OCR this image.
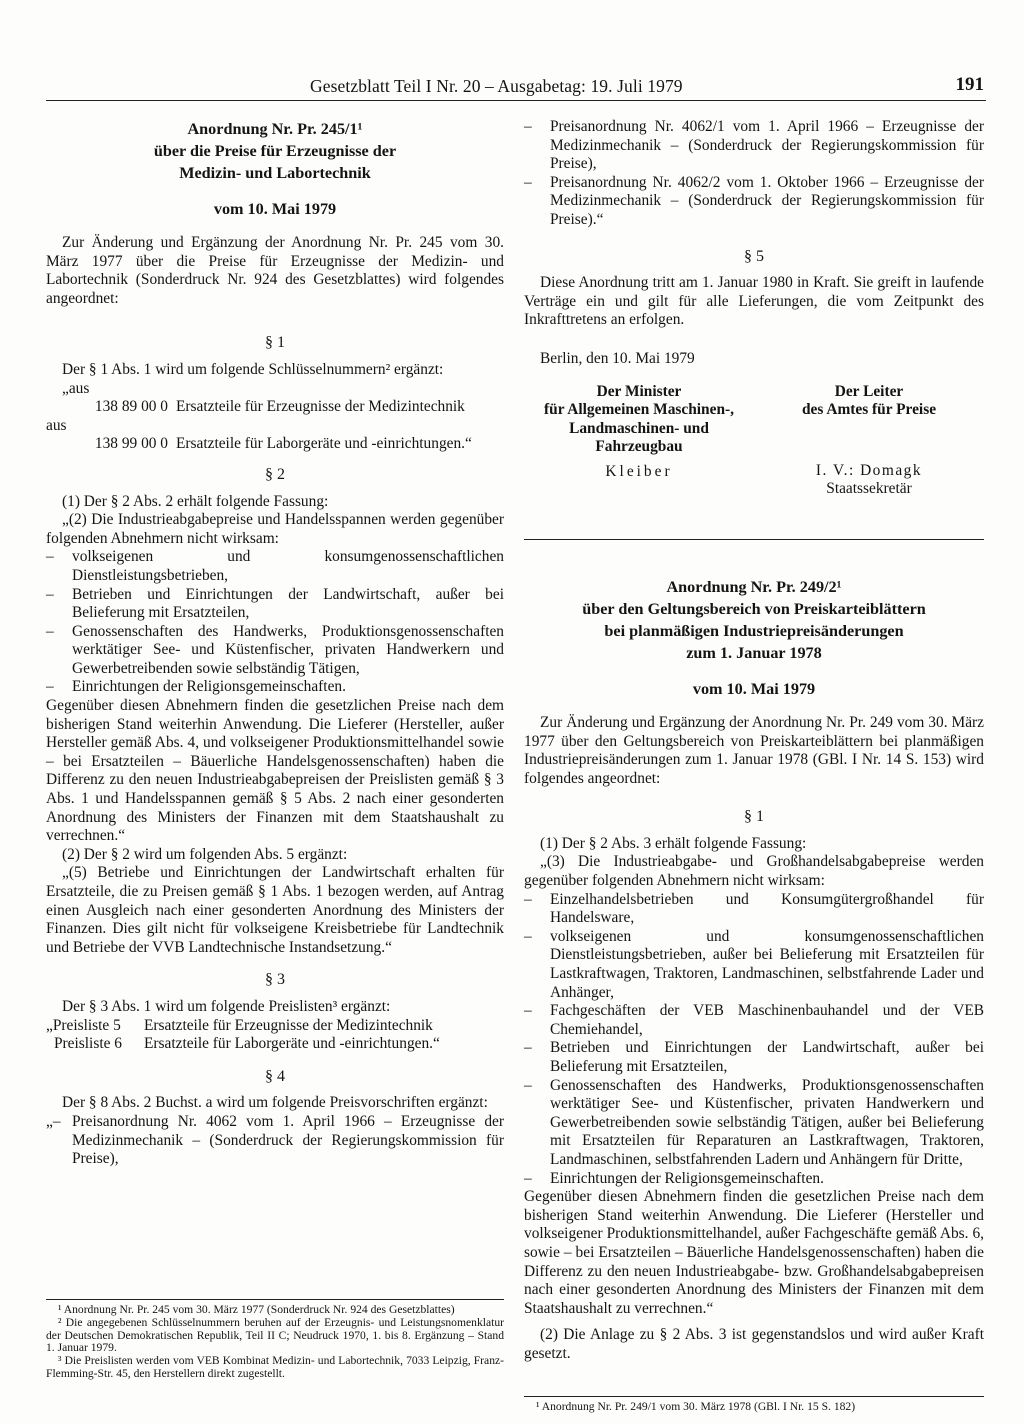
Gesetzblatt Teil I Nr. 20 – Ausgabetag: 19. Juli 1979	191
Anordnung Nr. Pr. 245/1¹
über die Preise für Erzeugnisse der
Medizin- und Labortechnik
vom 10. Mai 1979

Zur Änderung und Ergänzung der Anordnung Nr. Pr. 245 vom 30. März 1977 über die Preise für Erzeugnisse der Medizin- und Labortechnik (Sonderdruck Nr. 924 des Gesetzblattes) wird folgendes angeordnet:

§ 1

Der § 1 Abs. 1 wird um folgende Schlüsselnummern² ergänzt:

„aus

138 89 00 0 Ersatzteile für Erzeugnisse der Medizintechnik

aus

138 99 00 0 Ersatzteile für Laborgeräte und -einrichtungen.“
§ 2

(1) Der § 2 Abs. 2 erhält folgende Fassung:

„(2) Die Industrieabgabepreise und Handelsspannen werden gegenüber folgenden Abnehmern nicht wirksam:

–	volkseigenen und konsumgenossenschaftlichen Dienstleistungsbetrieben,
–	Betrieben und Einrichtungen der Landwirtschaft, außer bei Belieferung mit Ersatzteilen,
–	Genossenschaften des Handwerks, Produktionsgenossenschaften werktätiger See- und Küstenfischer, privaten Handwerkern und Gewerbetreibenden sowie selbständig Tätigen,
–	Einrichtungen der Religionsgemeinschaften.

Gegenüber diesen Abnehmern finden die gesetzlichen Preise nach dem bisherigen Stand weiterhin Anwendung. Die Lieferer (Hersteller, außer Hersteller gemäß Abs. 4, und volkseigener Produktionsmittelhandel sowie – bei Ersatzteilen – Bäuerliche Handelsgenossenschaften) haben die Differenz zu den neuen Industrieabgabepreisen der Preislisten gemäß § 3 Abs. 1 und Handelsspannen gemäß § 5 Abs. 2 nach einer gesonderten Anordnung des Ministers der Finanzen mit dem Staatshaushalt zu verrechnen.“

(2) Der § 2 wird um folgenden Abs. 5 ergänzt:

„(5) Betriebe und Einrichtungen der Landwirtschaft erhalten für Ersatzteile, die zu Preisen gemäß § 1 Abs. 1 bezogen werden, auf Antrag einen Ausgleich nach einer gesonderten Anordnung des Ministers der Finanzen. Dies gilt nicht für volkseigene Kreisbetriebe für Landtechnik und Betriebe der VVB Landtechnische Instandsetzung.“

§ 3

Der § 3 Abs. 1 wird um folgende Preislisten³ ergänzt:

„Preisliste 5	Ersatzteile für Erzeugnisse der Medizintechnik
Preisliste 6	Ersatzteile für Laborgeräte und -einrichtungen.“
§ 4

Der § 8 Abs. 2 Buchst. a wird um folgende Preisvorschriften ergänzt:

„– Preisanordnung Nr. 4062 vom 1. April 1966 – Erzeugnisse der Medizinmechanik – (Sonderdruck der Regierungskommission für Preise),
¹ Anordnung Nr. Pr. 245 vom 30. März 1977 (Sonderdruck Nr. 924 des Gesetzblattes)
² Die angegebenen Schlüsselnummern beruhen auf der Erzeugnis- und Leistungsnomenklatur der Deutschen Demokratischen Republik, Teil II C; Neudruck 1970, 1. bis 8. Ergänzung – Stand 1. Januar 1979.
³ Die Preislisten werden vom VEB Kombinat Medizin- und Labortechnik, 7033 Leipzig, Franz-Flemming-Str. 45, den Herstellern direkt zugestellt.
–	Preisanordnung Nr. 4062/1 vom 1. April 1966 – Erzeugnisse der Medizinmechanik – (Sonderdruck der Regierungskommission für Preise),
–	Preisanordnung Nr. 4062/2 vom 1. Oktober 1966 – Erzeugnisse der Medizinmechanik – (Sonderdruck der Regierungskommission für Preise).“
§ 5

Diese Anordnung tritt am 1. Januar 1980 in Kraft. Sie greift in laufende Verträge ein und gilt für alle Lieferungen, die vom Zeitpunkt des Inkrafttretens an erfolgen.

Berlin, den 10. Mai 1979

Der Minister
für Allgemeinen Maschinen-,
Landmaschinen- und
Fahrzeugbau
Kleiber
Der Leiter
des Amtes für Preise
I. V.: Domagk
Staatssekretär
Anordnung Nr. Pr. 249/2¹
über den Geltungsbereich von Preiskarteiblättern
bei planmäßigen Industriepreisänderungen
zum 1. Januar 1978
vom 10. Mai 1979

Zur Änderung und Ergänzung der Anordnung Nr. Pr. 249 vom 30. März 1977 über den Geltungsbereich von Preiskarteiblättern bei planmäßigen Industriepreisänderungen zum 1. Januar 1978 (GBl. I Nr. 14 S. 153) wird folgendes angeordnet:

§ 1

(1) Der § 2 Abs. 3 erhält folgende Fassung:

„(3) Die Industrieabgabe- und Großhandelsabgabepreise werden gegenüber folgenden Abnehmern nicht wirksam:

–	Einzelhandelsbetrieben und Konsumgütergroßhandel für Handelsware,
–	volkseigenen und konsumgenossenschaftlichen Dienstleistungsbetrieben, außer bei Belieferung mit Ersatzteilen für Lastkraftwagen, Traktoren, Landmaschinen, selbstfahrende Lader und Anhänger,
–	Fachgeschäften der VEB Maschinenbauhandel und der VEB Chemiehandel,
–	Betrieben und Einrichtungen der Landwirtschaft, außer bei Belieferung mit Ersatzteilen,
–	Genossenschaften des Handwerks, Produktionsgenossenschaften werktätiger See- und Küstenfischer, privaten Handwerkern und Gewerbetreibenden sowie selbständig Tätigen, außer bei Belieferung mit Ersatzteilen für Reparaturen an Lastkraftwagen, Traktoren, Landmaschinen, selbstfahrenden Ladern und Anhängern für Dritte,
–	Einrichtungen der Religionsgemeinschaften.

Gegenüber diesen Abnehmern finden die gesetzlichen Preise nach dem bisherigen Stand weiterhin Anwendung. Die Lieferer (Hersteller und volkseigener Produktionsmittelhandel, außer Fachgeschäfte gemäß Abs. 6, sowie – bei Ersatzteilen – Bäuerliche Handelsgenossenschaften) haben die Differenz zu den neuen Industrieabgabe- bzw. Großhandelsabgabepreisen nach einer gesonderten Anordnung des Ministers der Finanzen mit dem Staatshaushalt zu verrechnen.“

(2) Die Anlage zu § 2 Abs. 3 ist gegenstandslos und wird außer Kraft gesetzt.

¹ Anordnung Nr. Pr. 249/1 vom 30. März 1978 (GBl. I Nr. 15 S. 182)
